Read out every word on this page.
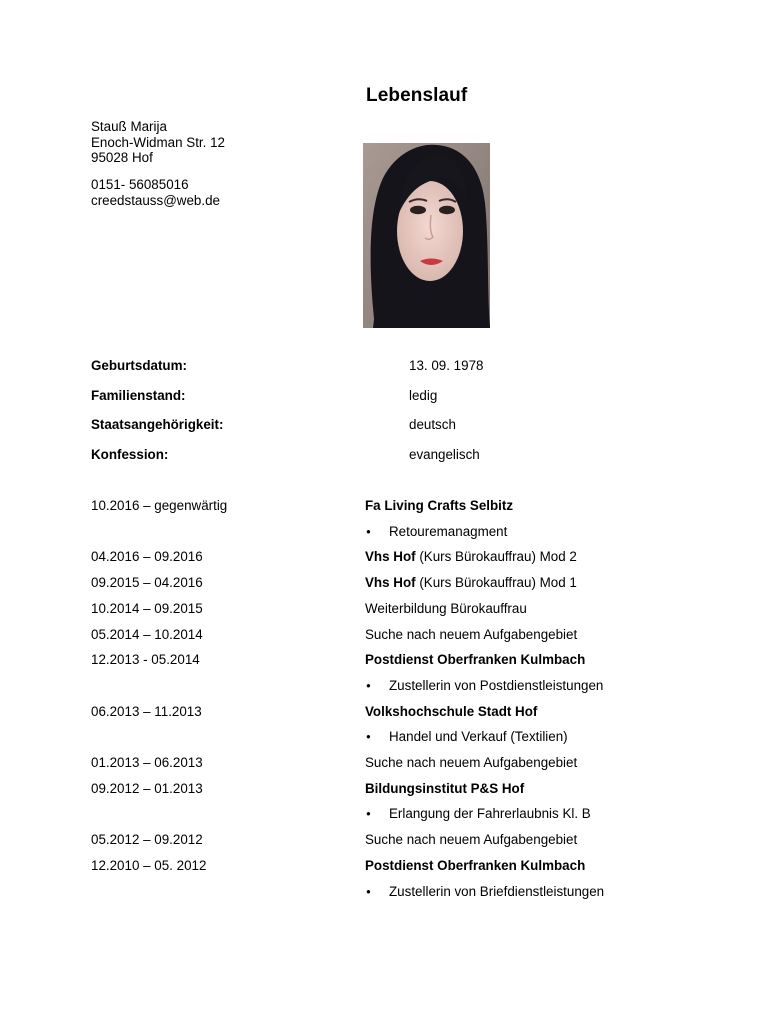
Lebenslauf
Stauß Marija
Enoch-Widman Str. 12
95028 Hof
0151- 56085016
creedstauss@web.de
Geburtsdatum:	13. 09. 1978
Familienstand:	ledig
Staatsangehörigkeit:	deutsch
Konfession:	evangelisch
10.2016 – gegenwärtig	Fa Living Crafts Selbitz
● Retouremanagment
04.2016 – 09.2016	Vhs Hof (Kurs Bürokauffrau) Mod 2
09.2015 – 04.2016	Vhs Hof (Kurs Bürokauffrau) Mod 1
10.2014 – 09.2015	Weiterbildung Bürokauffrau
05.2014 – 10.2014	Suche nach neuem Aufgabengebiet
12.2013 - 05.2014	Postdienst Oberfranken Kulmbach
● Zustellerin von Postdienstleistungen
06.2013 – 11.2013	Volkshochschule Stadt Hof
● Handel und Verkauf (Textilien)
01.2013 – 06.2013	Suche nach neuem Aufgabengebiet
09.2012 – 01.2013	Bildungsinstitut P&S Hof
● Erlangung der Fahrerlaubnis Kl. B
05.2012 – 09.2012	Suche nach neuem Aufgabengebiet
12.2010 – 05. 2012	Postdienst Oberfranken Kulmbach
● Zustellerin von Briefdienstleistungen
